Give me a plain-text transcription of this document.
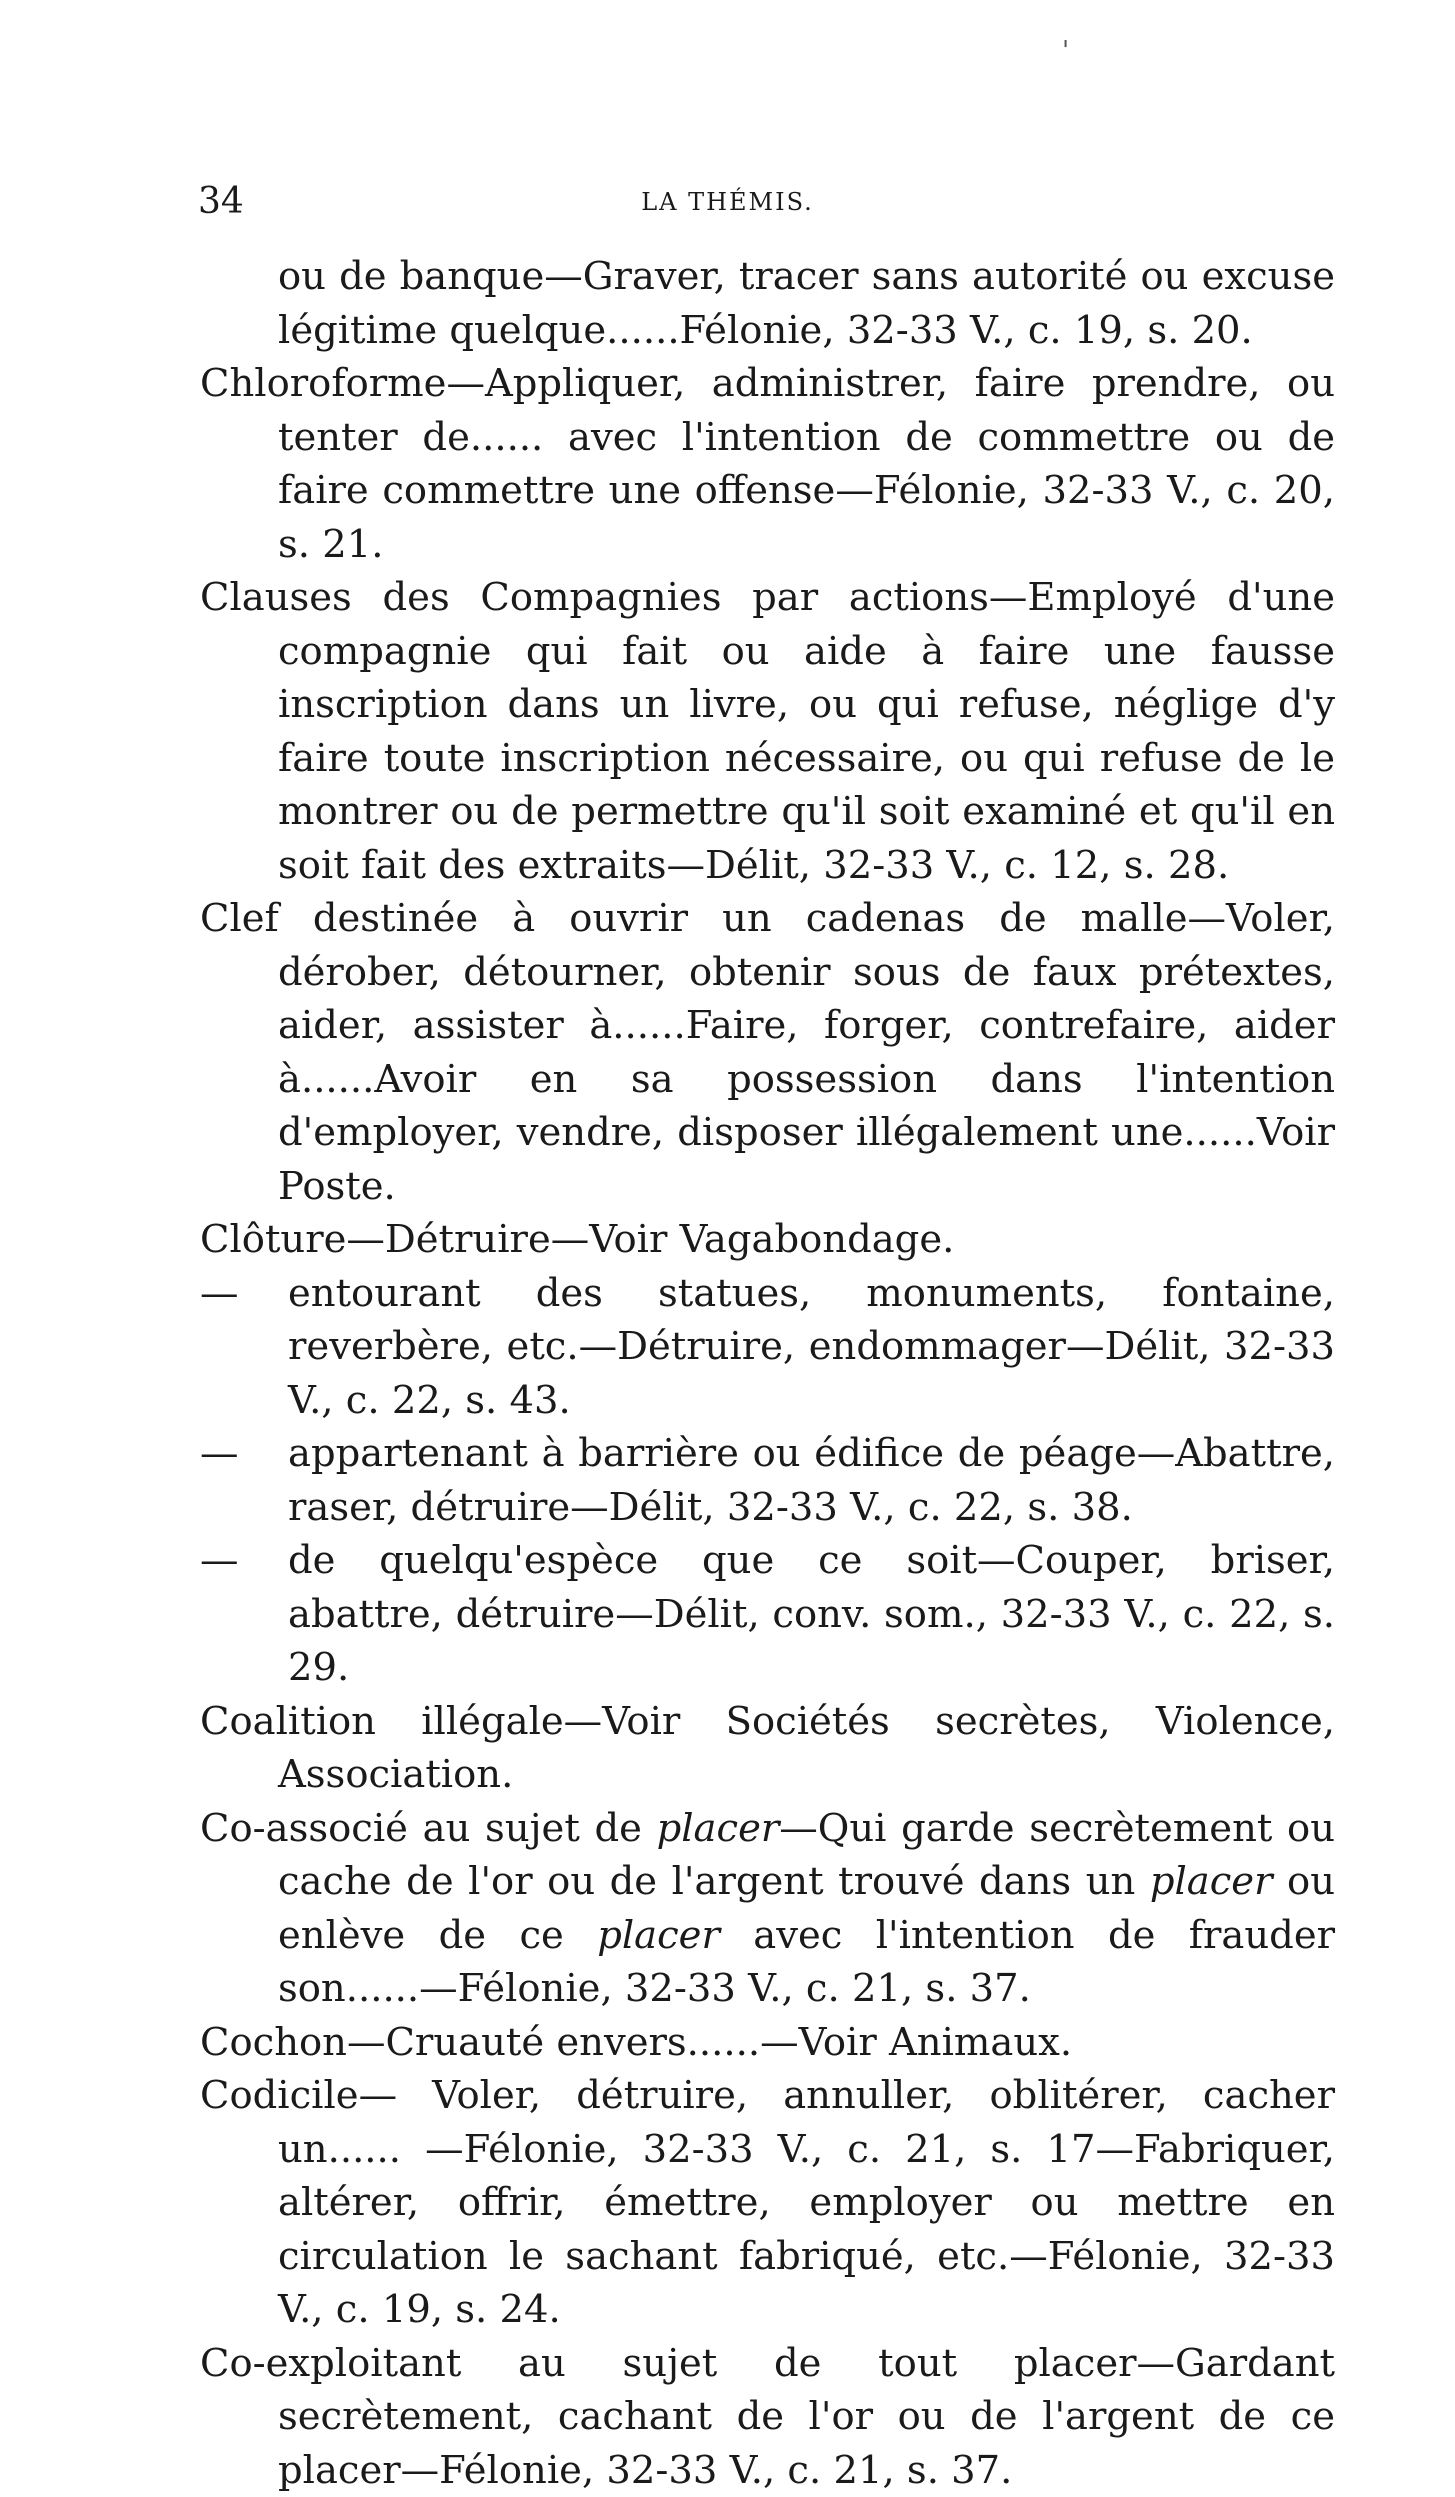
'
34	LA THÉMIS.

ou de banque—Graver, tracer sans autorité ou excuse légitime quelque......Félonie, 32-33 V., c. 19, s. 20.

Chloroforme—Appliquer, administrer, faire prendre, ou tenter de...... avec l'intention de commettre ou de faire commettre une offense—Félonie, 32-33 V., c. 20, s. 21.

Clauses des Compagnies par actions—Employé d'une compagnie qui fait ou aide à faire une fausse inscription dans un livre, ou qui refuse, néglige d'y faire toute inscription nécessaire, ou qui refuse de le montrer ou de permettre qu'il soit examiné et qu'il en soit fait des extraits—Délit, 32-33 V., c. 12, s. 28.

Clef destinée à ouvrir un cadenas de malle—Voler, dérober, détourner, obtenir sous de faux prétextes, aider, assister à......Faire, forger, contrefaire, aider à......Avoir en sa possession dans l'intention d'employer, vendre, disposer illégalement une......Voir Poste.

Clôture—Détruire—Voir Vagabondage.

— entourant des statues, monuments, fontaine, reverbère, etc.—Détruire, endommager—Délit, 32-33 V., c. 22, s. 43.

— appartenant à barrière ou édifice de péage—Abattre, raser, détruire—Délit, 32-33 V., c. 22, s. 38.

— de quelqu'espèce que ce soit—Couper, briser, abattre, détruire—Délit, conv. som., 32-33 V., c. 22, s. 29.

Coalition illégale—Voir Sociétés secrètes, Violence, Association.

Co-associé au sujet de placer—Qui garde secrètement ou cache de l'or ou de l'argent trouvé dans un placer ou enlève de ce placer avec l'intention de frauder son......—Félonie, 32-33 V., c. 21, s. 37.

Cochon—Cruauté envers......—Voir Animaux.

Codicile— Voler, détruire, annuller, oblitérer, cacher un...... —Félonie, 32-33 V., c. 21, s. 17—Fabriquer, altérer, offrir, émettre, employer ou mettre en circulation le sachant fabriqué, etc.—Félonie, 32-33 V., c. 19, s. 24.

Co-exploitant au sujet de tout placer—Gardant secrètement, cachant de l'or ou de l'argent de ce placer—Félonie, 32-33 V., c. 21, s. 37.
